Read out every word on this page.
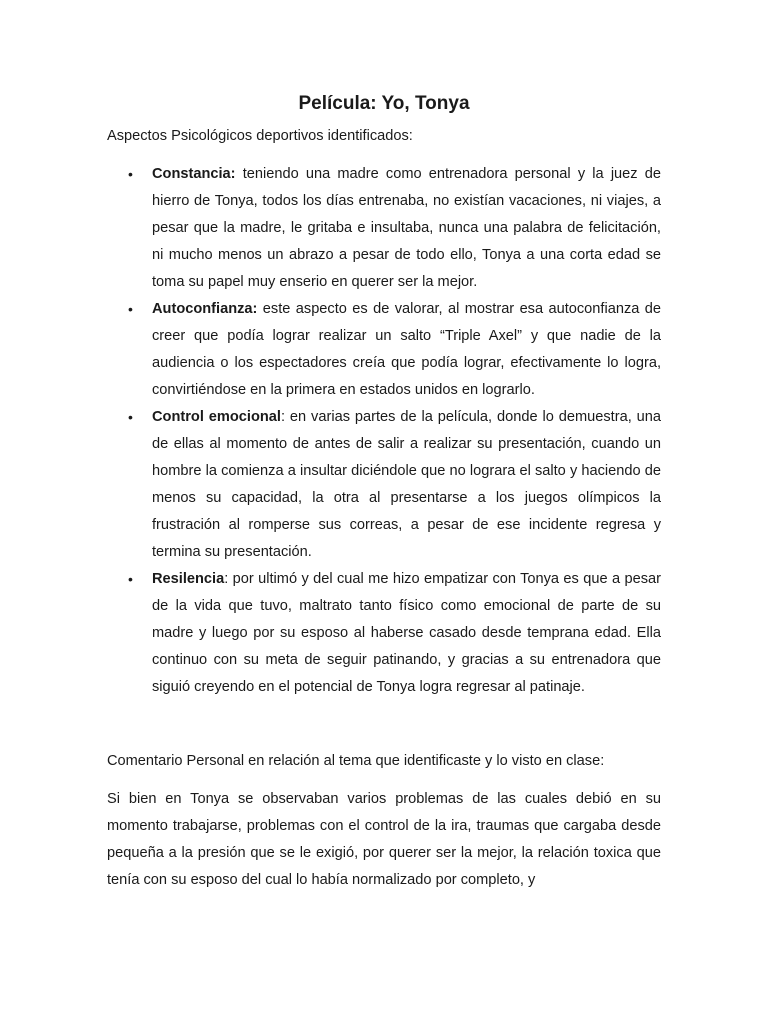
Película: Yo, Tonya
Aspectos Psicológicos deportivos identificados:
• Constancia: teniendo una madre como entrenadora personal y la juez de hierro de Tonya, todos los días entrenaba, no existían vacaciones, ni viajes, a pesar que la madre, le gritaba e insultaba, nunca una palabra de felicitación, ni mucho menos un abrazo a pesar de todo ello, Tonya a una corta edad se toma su papel muy enserio en querer ser la mejor.
• Autoconfianza: este aspecto es de valorar, al mostrar esa autoconfianza de creer que podía lograr realizar un salto “Triple Axel” y que nadie de la audiencia o los espectadores creía que podía lograr, efectivamente lo logra, convirtiéndose en la primera en estados unidos en lograrlo.
• Control emocional: en varias partes de la película, donde lo demuestra, una de ellas al momento de antes de salir a realizar su presentación, cuando un hombre la comienza a insultar diciéndole que no lograra el salto y haciendo de menos su capacidad, la otra al presentarse a los juegos olímpicos la frustración al romperse sus correas, a pesar de ese incidente regresa y termina su presentación.
• Resilencia: por ultimó y del cual me hizo empatizar con Tonya es que a pesar de la vida que tuvo, maltrato tanto físico como emocional de parte de su madre y luego por su esposo al haberse casado desde temprana edad. Ella continuo con su meta de seguir patinando, y gracias a su entrenadora que siguió creyendo en el potencial de Tonya logra regresar al patinaje.
Comentario Personal en relación al tema que identificaste y lo visto en clase:

Si bien en Tonya se observaban varios problemas de las cuales debió en su momento trabajarse, problemas con el control de la ira, traumas que cargaba desde pequeña a la presión que se le exigió, por querer ser la mejor, la relación toxica que tenía con su esposo del cual lo había normalizado por completo, y
